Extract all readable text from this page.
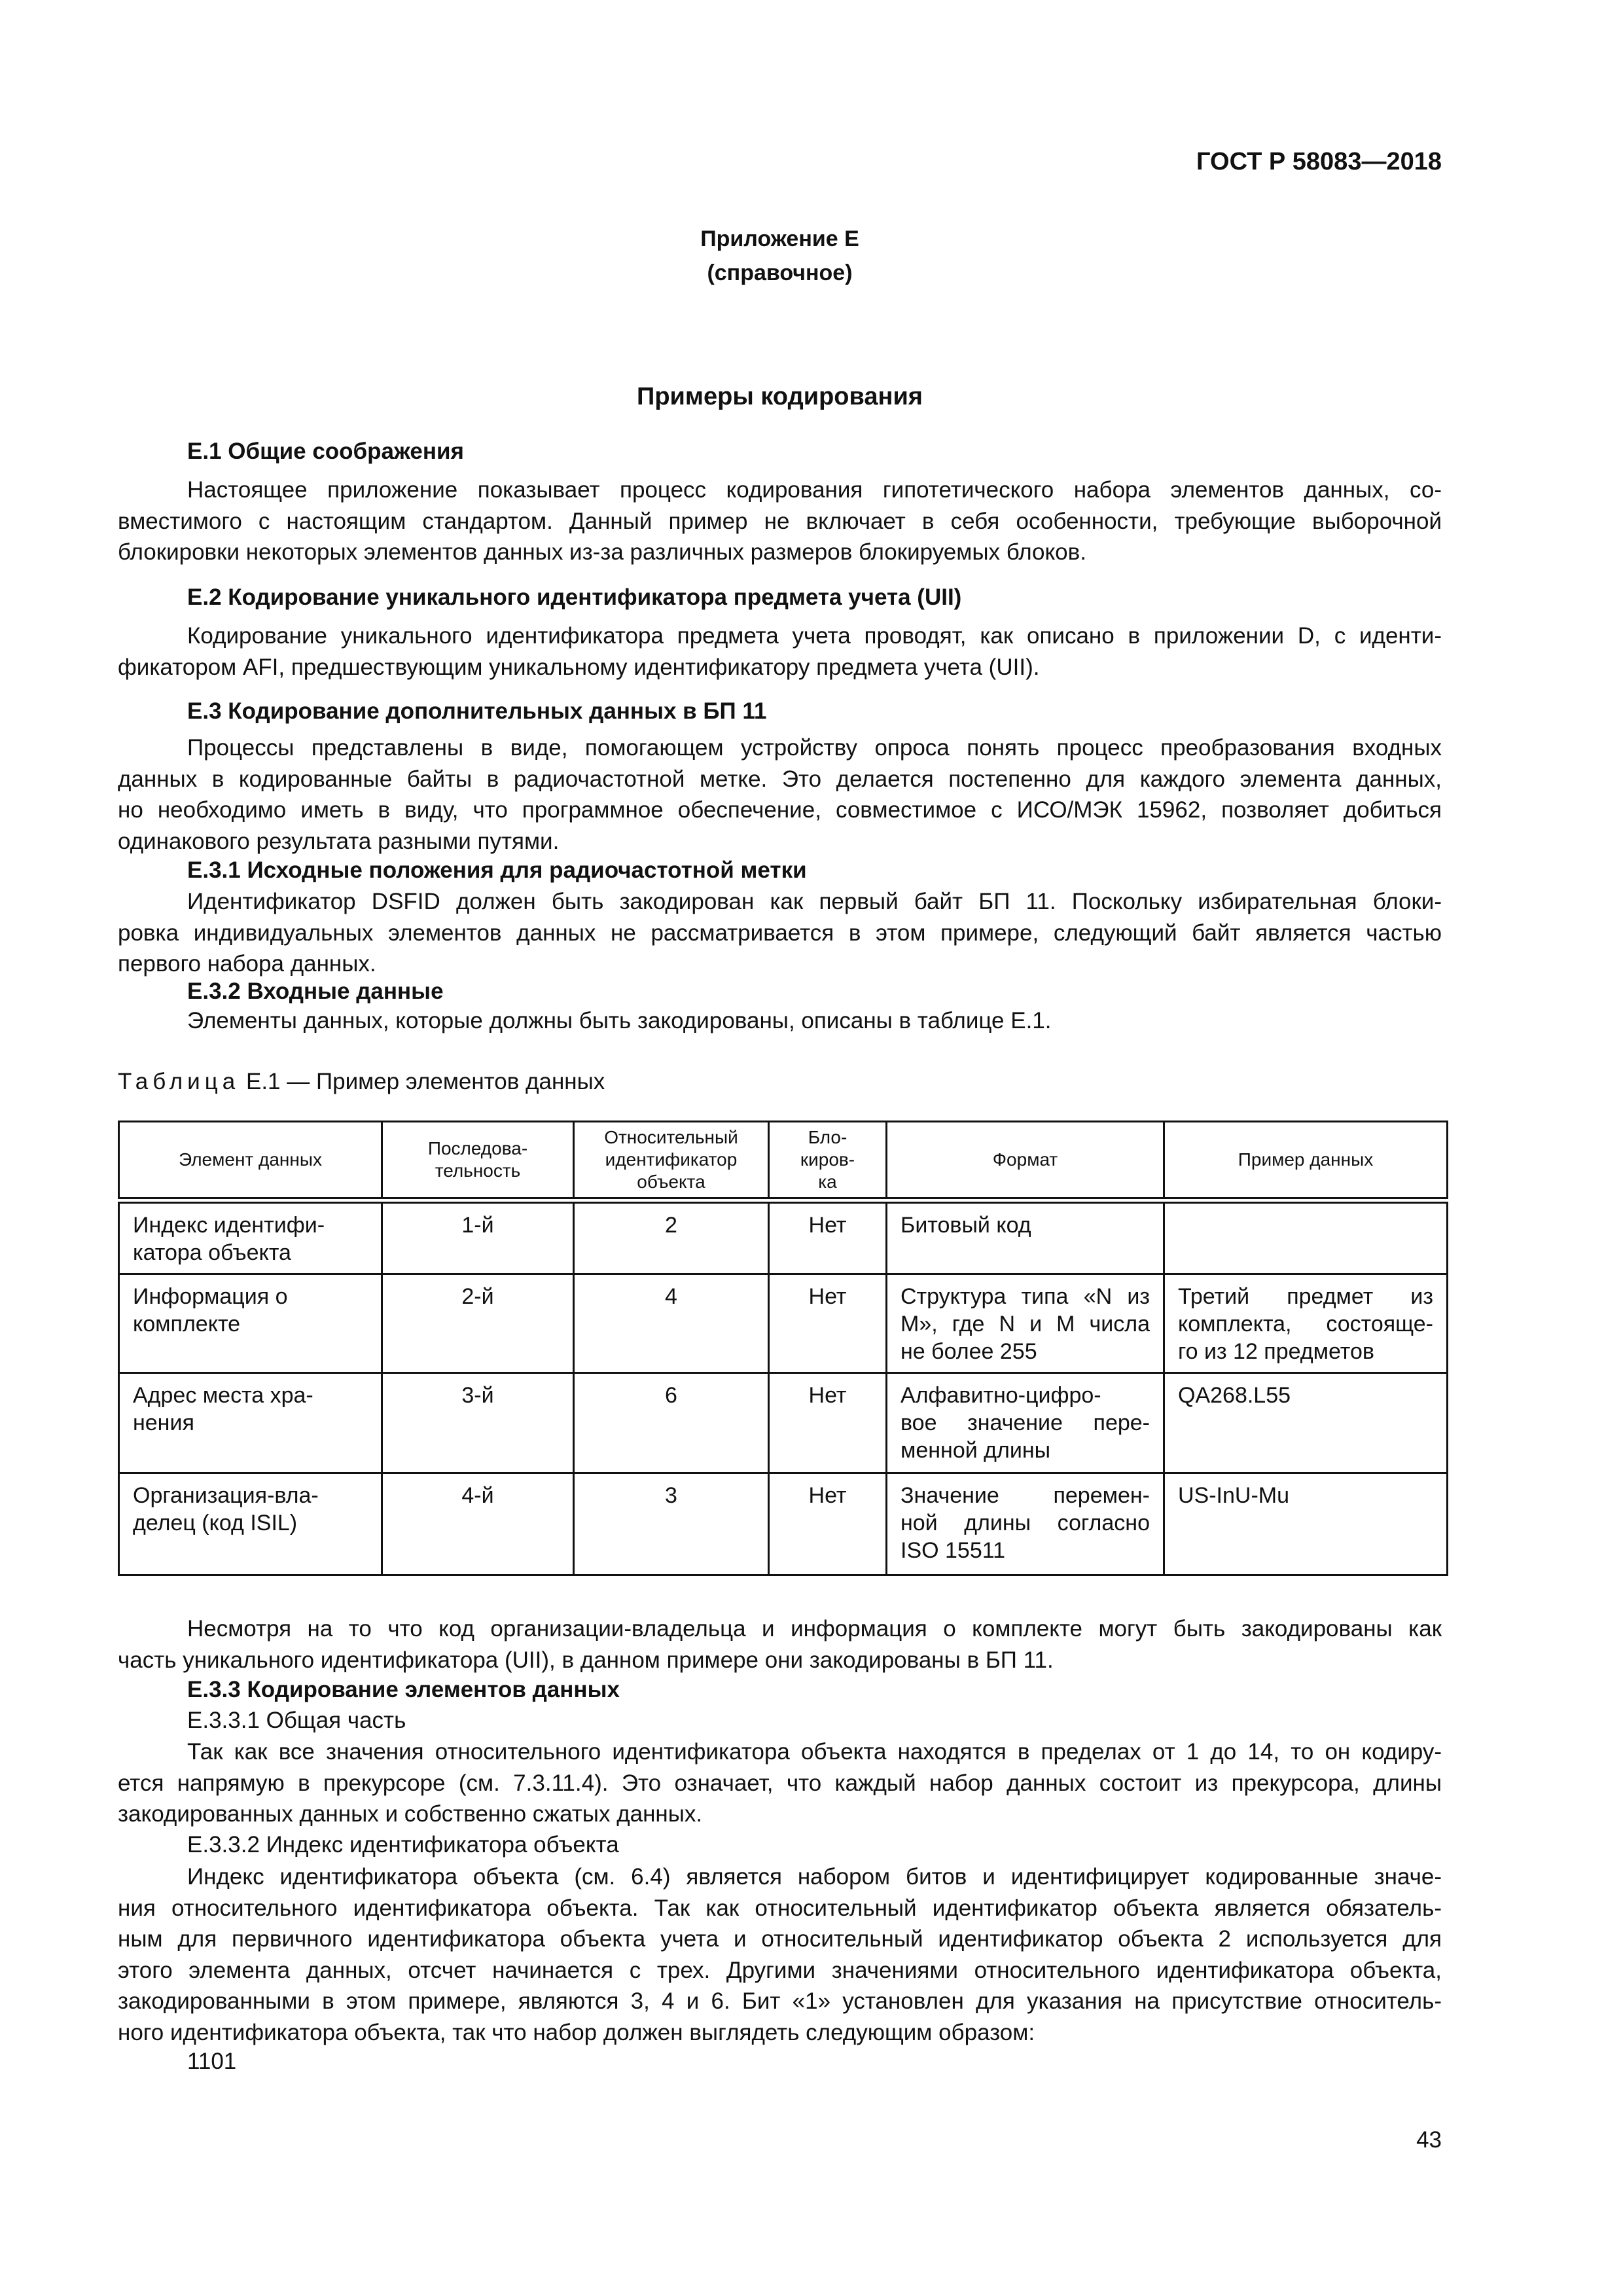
ГОСТ Р 58083—2018
Приложение Е
(справочное)
Примеры кодирования
Е.1 Общие соображения
Настоящее приложение показывает процесс кодирования гипотетического набора элементов данных, со-
вместимого с настоящим стандартом. Данный пример не включает в себя особенности, требующие выборочной
блокировки некоторых элементов данных из-за различных размеров блокируемых блоков.
Е.2 Кодирование уникального идентификатора предмета учета (UII)
Кодирование уникального идентификатора предмета учета проводят, как описано в приложении D, с иденти-
фикатором AFI, предшествующим уникальному идентификатору предмета учета (UII).
Е.3 Кодирование дополнительных данных в БП 11
Процессы представлены в виде, помогающем устройству опроса понять процесс преобразования входных
данных в кодированные байты в радиочастотной метке. Это делается постепенно для каждого элемента данных,
но необходимо иметь в виду, что программное обеспечение, совместимое с ИСО/МЭК 15962, позволяет добиться
одинакового результата разными путями.
Е.3.1 Исходные положения для радиочастотной метки
Идентификатор DSFID должен быть закодирован как первый байт БП 11. Поскольку избирательная блоки-
ровка индивидуальных элементов данных не рассматривается в этом примере, следующий байт является частью
первого набора данных.
Е.3.2 Входные данные
Элементы данных, которые должны быть закодированы, описаны в таблице Е.1.
Несмотря на то что код организации-владельца и информация о комплекте могут быть закодированы как
часть уникального идентификатора (UII), в данном примере они закодированы в БП 11.
Е.3.3 Кодирование элементов данных
Е.3.3.1 Общая часть
Так как все значения относительного идентификатора объекта находятся в пределах от 1 до 14, то он кодиру-
ется напрямую в прекурсоре (см. 7.3.11.4). Это означает, что каждый набор данных состоит из прекурсора, длины
закодированных данных и собственно сжатых данных.
Е.3.3.2 Индекс идентификатора объекта
Индекс идентификатора объекта (см. 6.4) является набором битов и идентифицирует кодированные значе-
ния относительного идентификатора объекта. Так как относительный идентификатор объекта является обязатель-
ным для первичного идентификатора объекта учета и относительный идентификатор объекта 2 используется для
этого элемента данных, отсчет начинается с трех. Другими значениями относительного идентификатора объекта,
закодированными в этом примере, являются 3, 4 и 6. Бит «1» установлен для указания на присутствие относитель-
ного идентификатора объекта, так что набор должен выглядеть следующим образом:
1101
Таблица Е.1 — Пример элементов данных
Элемент данных	Последова-
тельность	Относительный
идентификатор
объекта	Бло-
киров-
ка	Формат	Пример данных

Индекс идентифи-
катора объекта	1-й	2	Нет	Битовый код	

Информация о
комплекте	2-й	4	Нет	Структура типа «N из
М», где N и М числа
не более 255	Третий предмет из
комплекта, состояще-
го из 12 предметов

Адрес места хра-
нения	3-й	6	Нет	Алфавитно-цифро-
вое значение пере-
менной длины	QA268.L55

Организация-вла-
делец (код ISIL)	4-й	3	Нет	Значение перемен-
ной длины согласно
ISO 15511	US-InU-Mu
43
